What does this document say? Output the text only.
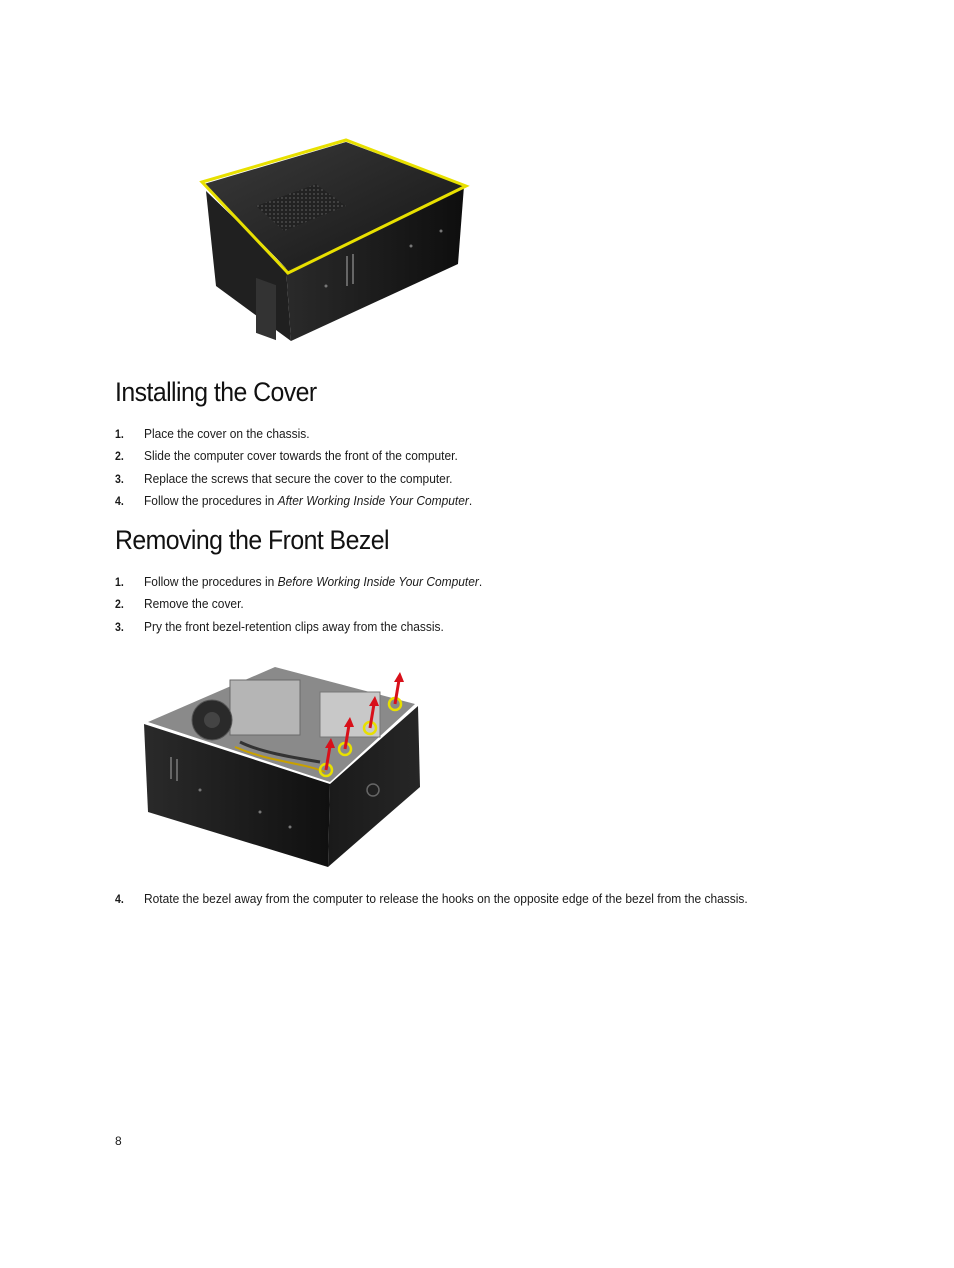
Installing the Cover
1.	Place the cover on the chassis.
2.	Slide the computer cover towards the front of the computer.
3.	Replace the screws that secure the cover to the computer.
4.	Follow the procedures in After Working Inside Your Computer.
Removing the Front Bezel
1.	Follow the procedures in Before Working Inside Your Computer.
2.	Remove the cover.
3.	Pry the front bezel-retention clips away from the chassis.
4.	Rotate the bezel away from the computer to release the hooks on the opposite edge of the bezel from the chassis.
8
